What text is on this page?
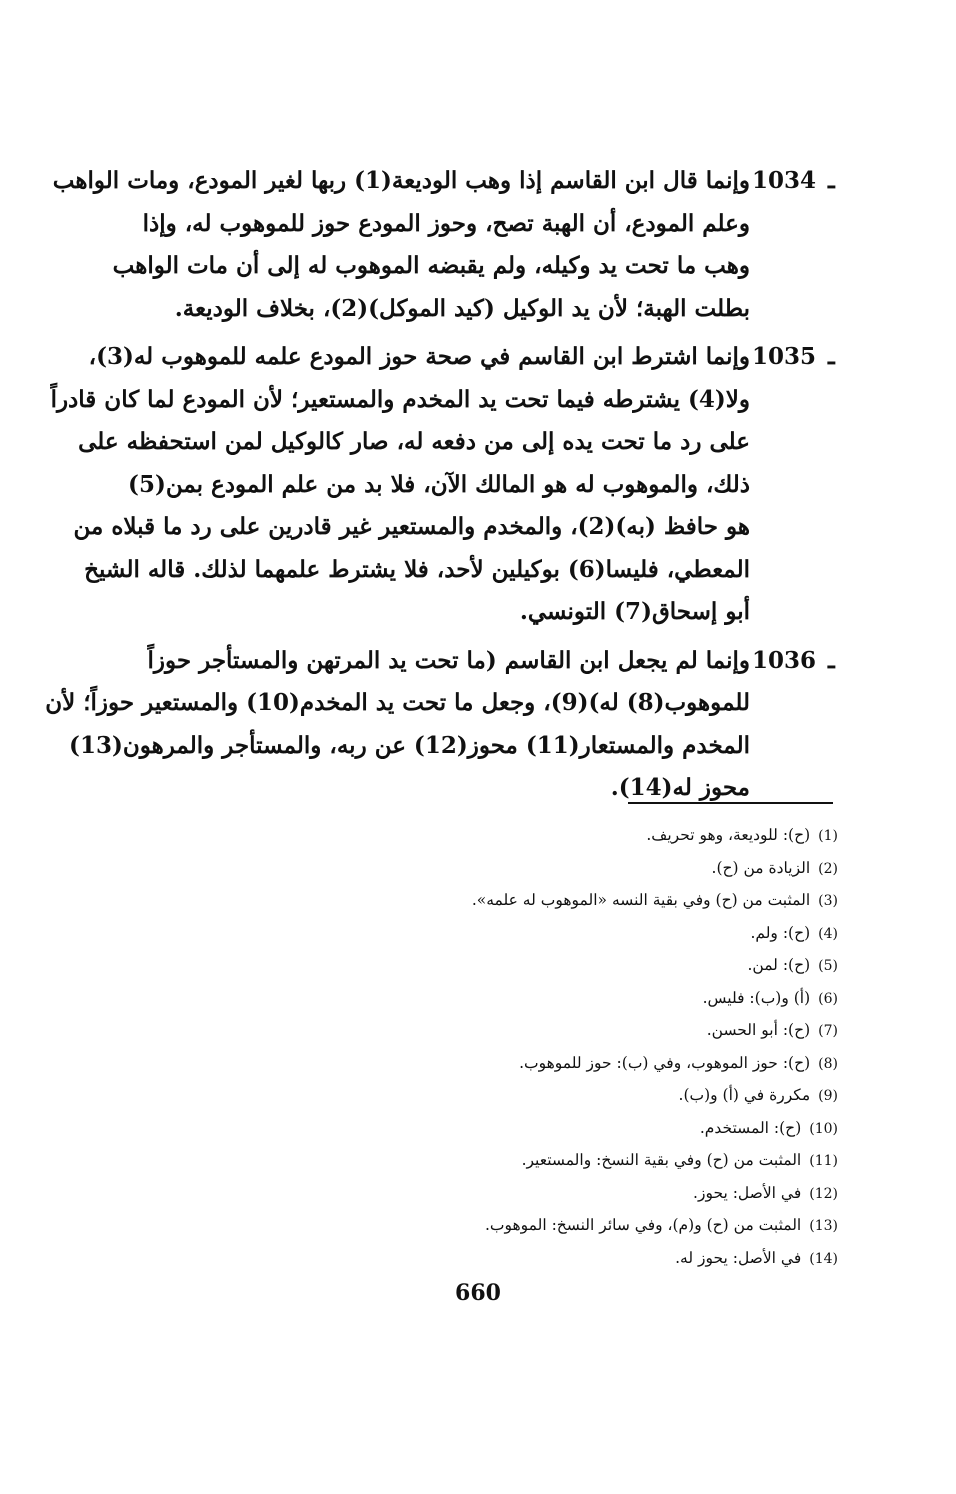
1034 ـ
وإنما قال ابن القاسم إذا وهب الوديعة(1) ربها لغير المودع، ومات الواهب
وعلم المودع، أن الهبة تصح، وحوز المودع حوز للموهوب له، وإذا
وهب ما تحت يد وكيله، ولم يقبضه الموهوب له إلى أن مات الواهب
بطلت الهبة؛ لأن يد الوكيل (كيد الموكل)(2)، بخلاف الوديعة.
1035 ـ
وإنما اشترط ابن القاسم في صحة حوز المودع علمه للموهوب له(3)،
ولا(4) يشترطه فيما تحت يد المخدم والمستعير؛ لأن المودع لما كان قادراً
على رد ما تحت يده إلى من دفعه له، صار كالوكيل لمن استحفظه على
ذلك، والموهوب له هو المالك الآن، فلا بد من علم المودع بمن(5)
هو حافظ (به)(2)، والمخدم والمستعير غير قادرين على رد ما قبلاه من
المعطي، فليسا(6) بوكيلين لأحد، فلا يشترط علمهما لذلك. قاله الشيخ
أبو إسحاق(7) التونسي.
1036 ـ
وإنما لم يجعل ابن القاسم (ما تحت يد المرتهن والمستأجر حوزاً
للموهوب(8) له)(9)، وجعل ما تحت يد المخدم(10) والمستعير حوزاً؛ لأن
المخدم والمستعار(11) محوز(12) عن ربه، والمستأجر والمرهون(13)
محوز له(14).
(1)(ح): للوديعة، وهو تحريف.
(2)الزيادة من (ح).
(3)المثبت من (ح) وفي بقية النسه «الموهوب له علمه».
(4)(ح): ولم.
(5)(ح): لمن.
(6)(أ) و(ب): فليس.
(7)(ح): أبو الحسن.
(8)(ح): حوز الموهوب، وفي (ب): حوز للموهوب.
(9)مكررة في (أ) و(ب).
(10)(ح): المستخدم.
(11)المثبت من (ح) وفي بقية النسخ: والمستعير.
(12)في الأصل: يحوز.
(13)المثبت من (ح) و(م)، وفي سائر النسخ: الموهوب.
(14)في الأصل: يحوز له.
660
